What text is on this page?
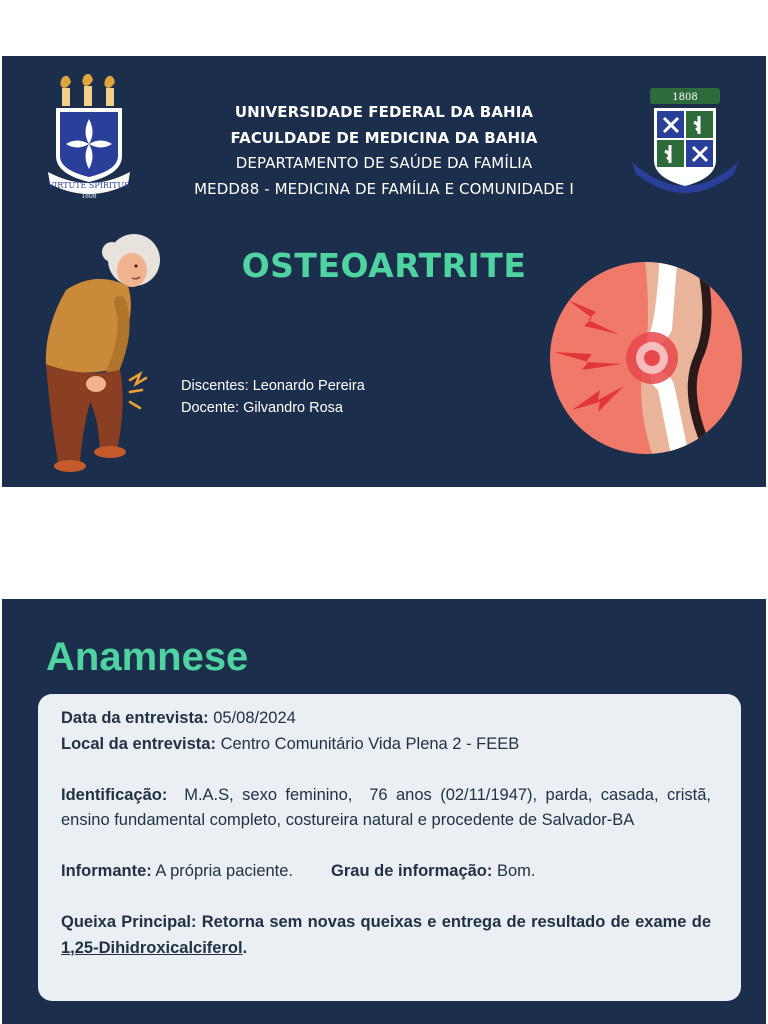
VIRTUTE SPIRITUS
1808
UNIVERSIDADE FEDERAL DA BAHIA
FACULDADE DE MEDICINA DA BAHIA
DEPARTAMENTO DE SAÚDE DA FAMÍLIA
MEDD88 - MEDICINA DE FAMÍLIA E COMUNIDADE I
1808
OSTEOARTRITE
Discentes: Leonardo Pereira
Docente: Gilvandro Rosa
Anamnese

Data da entrevista: 05/08/2024

Local da entrevista: Centro Comunitário Vida Plena 2 - FEEB

Identificação:  M.A.S, sexo feminino,  76 anos (02/11/1947), parda, casada, cristã, ensino fundamental completo, costureira natural e procedente de Salvador-BA

Informante: A própria paciente. Grau de informação: Bom.

Queixa Principal: Retorna sem novas queixas e entrega de resultado de exame de 1,25-Dihidroxicalciferol.
